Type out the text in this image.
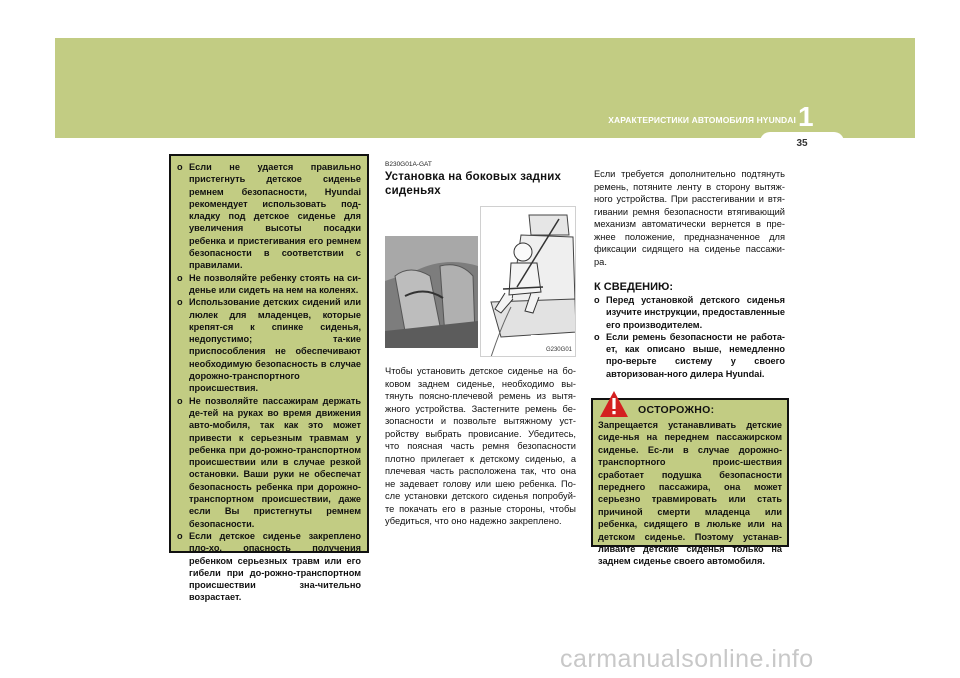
ХАРАКТЕРИСТИКИ АВТОМОБИЛЯ HYUNDAI 1
35
o Если не удается правильно пристегнуть детское сиденье ремнем безопасности, Hyundai рекомендует использовать под-кладку под детское сиденье для увеличения высоты посадки ребенка и пристегивания его ремнем безопасности в соответствии с правилами.
o Не позволяйте ребенку стоять на си-денье или сидеть на нем на коленях.
o Использование детских сидений или люлек для младенцев, которые крепят-ся к спинке сиденья, недопустимо; та-кие приспособления не обеспечивают необходимую безопасность в случае дорожно-транспортного происшествия.
o Не позволяйте пассажирам держать де-тей на руках во время движения авто-мобиля, так как это может привести к серьезным травмам у ребенка при до-рожно-транспортном происшествии или в случае резкой остановки. Ваши руки не обеспечат безопасность ребенка при дорожно-транспортном происшествии, даже если Вы пристегнуты ремнем безопасности.
o Если детское сиденье закреплено пло-хо, опасность получения ребенком серьезных травм или его гибели при до-рожно-транспортном происшествии зна-чительно возрастает.
B230G01A-GAT
Установка на боковых задних сиденьях
G230G01
Чтобы установить детское сиденье на бо-ковом заднем сиденье, необходимо вы-тянуть поясно-плечевой ремень из вытя-жного устройства. Застегните ремень бе-зопасности и позвольте вытяжному уст-ройству выбрать провисание. Убедитесь, что поясная часть ремня безопасности плотно прилегает к детскому сиденью, а плечевая часть расположена так, что она не задевает голову или шею ребенка. По-сле установки детского сиденья попробуй-те покачать его в разные стороны, чтобы убедиться, что оно надежно закреплено.
Если требуется дополнительно подтянуть ремень, потяните ленту в сторону вытяж-ного устройства. При расстегивании и втя-гивании ремня безопасности втягивающий механизм автоматически вернется в пре-жнее положение, предназначенное для фиксации сидящего на сиденье пассажи-ра.
К СВЕДЕНИЮ:
o Перед установкой детского сиденья изучите инструкции, предоставленные его производителем.
o Если ремень безопасности не работа-ет, как описано выше, немедленно про-верьте систему у своего авторизован-ного дилера Hyundai.
ОСТОРОЖНО:
Запрещается устанавливать детские сиде-нья на переднем пассажирском сиденье. Ес-ли в случае дорожно-транспортного проис-шествия сработает подушка безопасности переднего пассажира, она может серьезно травмировать или стать причиной смерти младенца или ребенка, сидящего в люльке или на детском сиденье. Поэтому устанав-ливайте детские сиденья только на заднем сиденье своего автомобиля.
carmanualsonline.info
